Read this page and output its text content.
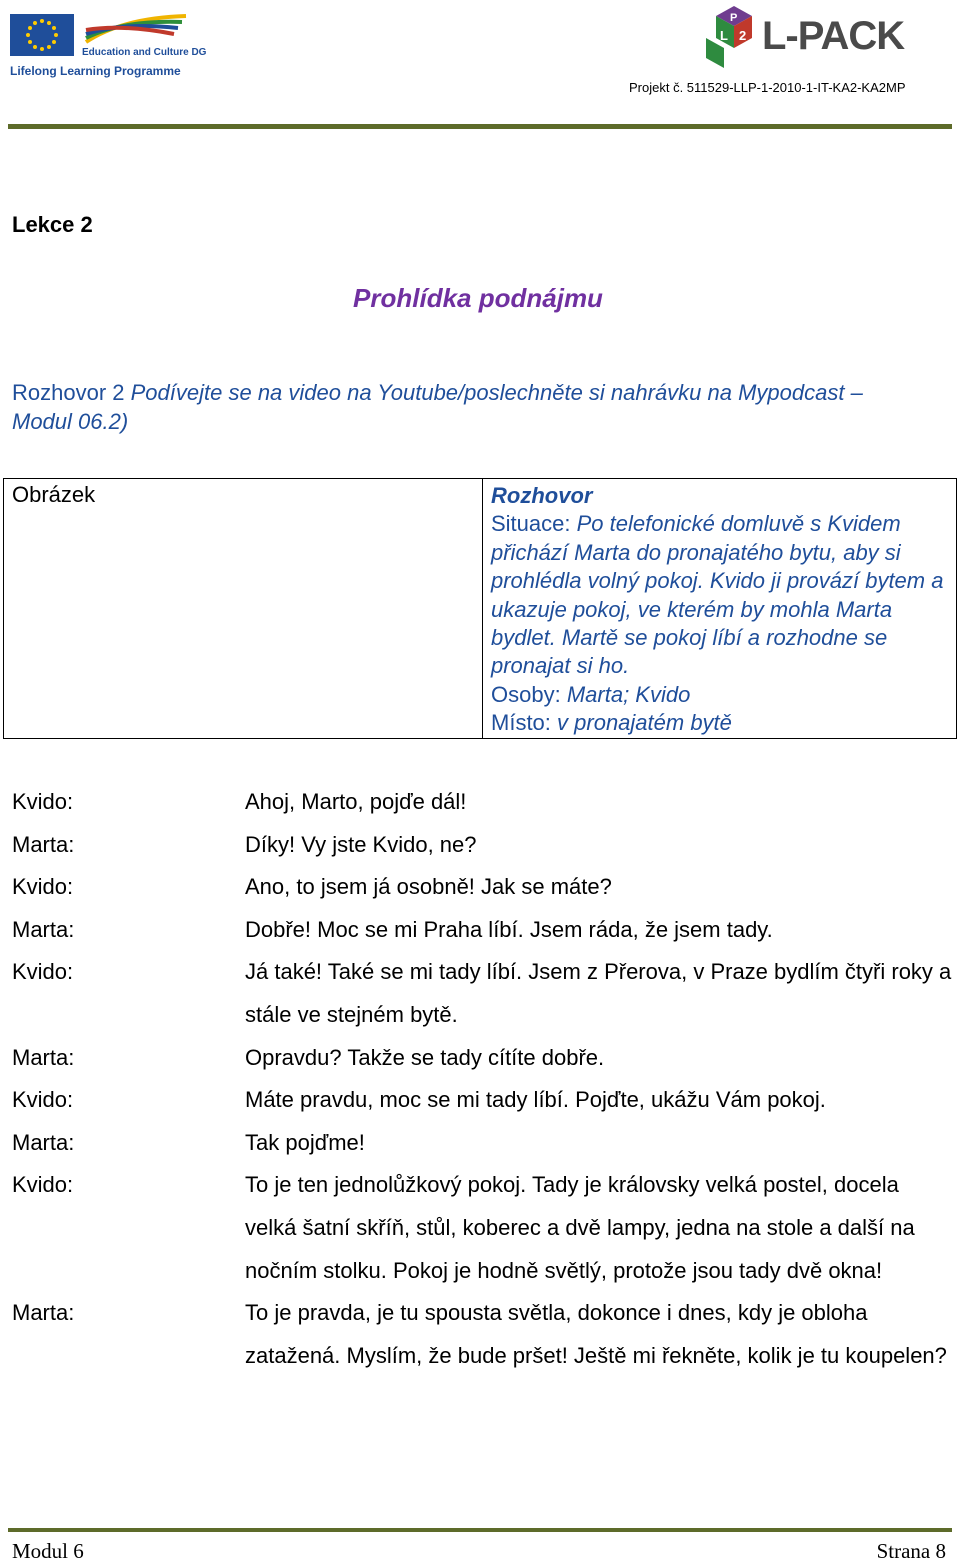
Education and Culture DG
Lifelong Learning Programme
P
L 2 L-PACK
Projekt č. 511529-LLP-1-2010-1-IT-KA2-KA2MP
Lekce 2
Prohlídka podnájmu
Rozhovor 2 Podívejte se na video na Youtube/poslechněte si nahrávku na Mypodcast – Modul 06.2)
Obrázek	Rozhovor
Situace: Po telefonické domluvě s Kvidem přichází Marta do pronajatého bytu, aby si prohlédla volný pokoj. Kvido ji provází bytem a ukazuje pokoj, ve kterém by mohla Marta bydlet. Martě se pokoj líbí a rozhodne se pronajat si ho.
Osoby: Marta; Kvido
Místo: v pronajatém bytě
Kvido:	Ahoj, Marto, pojďe dál!
Marta:	Díky! Vy jste Kvido, ne?
Kvido:	Ano, to jsem já osobně! Jak se máte?
Marta:	Dobře! Moc se mi Praha líbí. Jsem ráda, že jsem tady.
Kvido:	Já také! Také se mi tady líbí. Jsem z Přerova, v Praze bydlím čtyři roky a stále ve stejném bytě.
Marta:	Opravdu? Takže se tady cítíte dobře.
Kvido:	Máte pravdu, moc se mi tady líbí. Pojďte, ukážu Vám pokoj.
Marta:	Tak pojďme!
Kvido:	To je ten jednolůžkový pokoj. Tady je královsky velká postel, docela velká šatní skříň, stůl, koberec a dvě lampy, jedna na stole a další na nočním stolku. Pokoj je hodně světlý, protože jsou tady dvě okna!
Marta:	To je pravda, je tu spousta světla, dokonce i dnes, kdy je obloha zatažená. Myslím, že bude pršet! Ještě mi řekněte, kolik je tu koupelen?
Modul 6	Strana 8
